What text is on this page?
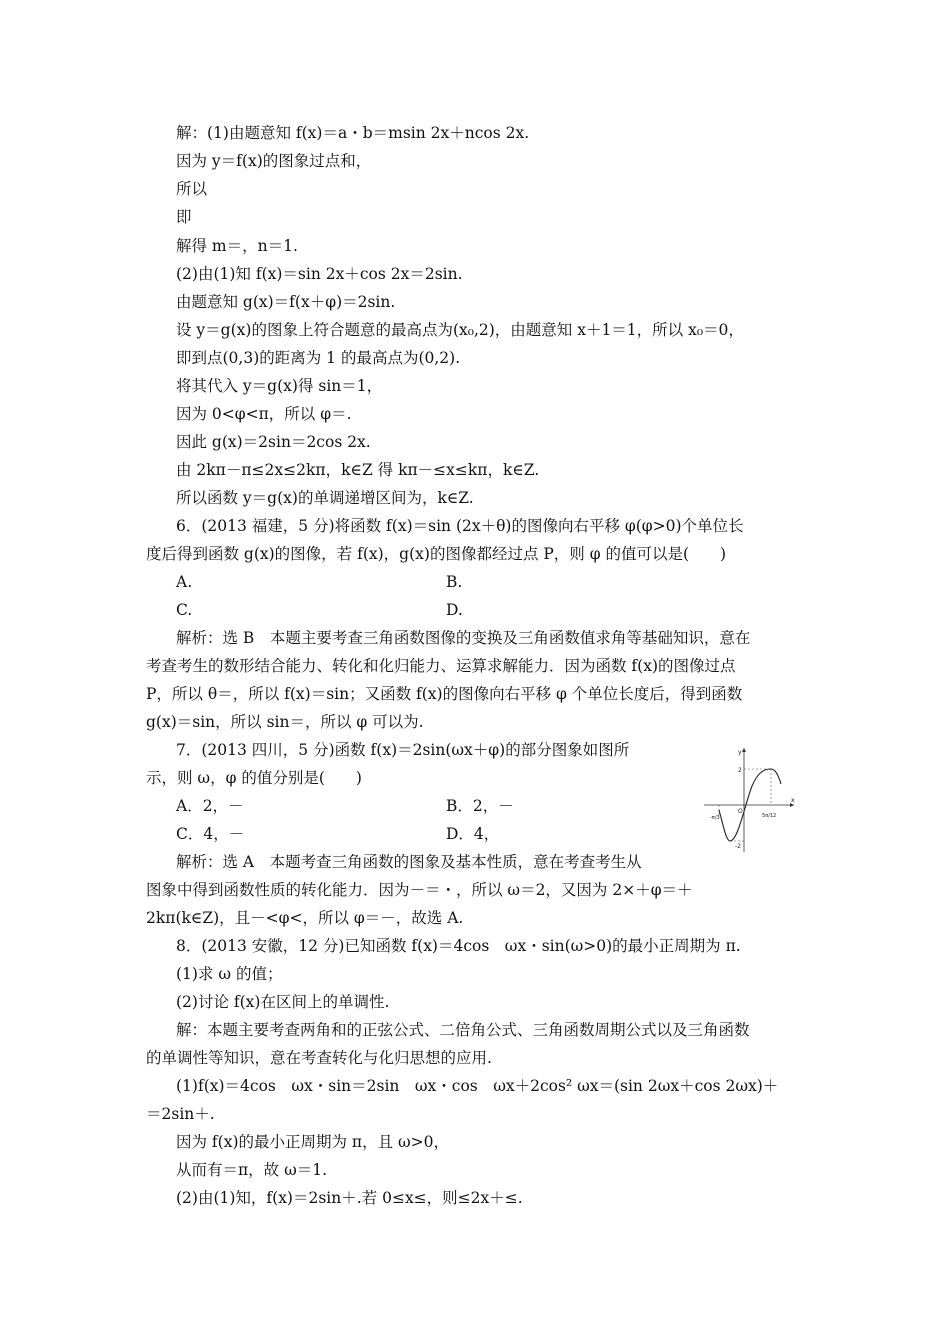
解：(1)由题意知 f(x)＝a・b＝msin 2x＋ncos 2x.
因为 y＝f(x)的图象过点和，
所以
即
解得 m＝，n＝1.
(2)由(1)知 f(x)＝sin 2x＋cos 2x＝2sin.
由题意知 g(x)＝f(x＋φ)＝2sin.
设 y＝g(x)的图象上符合题意的最高点为(x₀,2)，由题意知 x＋1＝1，所以 x₀＝0，
即到点(0,3)的距离为 1 的最高点为(0,2).
将其代入 y＝g(x)得 sin＝1，
因为 0<φ<π，所以 φ＝.
因此 g(x)＝2sin＝2cos 2x.
由 2kπ－π≤2x≤2kπ，k∈Z 得 kπ－≤x≤kπ，k∈Z.
所以函数 y＝g(x)的单调递增区间为，k∈Z.
6．(2013 福建，5 分)将函数 f(x)＝sin (2x＋θ)的图像向右平移 φ(φ>0)个单位长
度后得到函数 g(x)的图像，若 f(x)，g(x)的图像都经过点 P，则 φ 的值可以是(　　)
A.	B.
C.	D.
解析：选 B　本题主要考查三角函数图像的变换及三角函数值求角等基础知识，意在
考查考生的数形结合能力、转化和化归能力、运算求解能力．因为函数 f(x)的图像过点
P，所以 θ＝，所以 f(x)＝sin；又函数 f(x)的图像向右平移 φ 个单位长度后，得到函数
g(x)＝sin，所以 sin＝，所以 φ 可以为.
7．(2013 四川，5 分)函数 f(x)＝2sin(ωx＋φ)的部分图象如图所
示，则 ω，φ 的值分别是(　　)
A．2，－	B．2，－
C．4，－	D．4，
解析：选 A　本题考查三角函数的图象及基本性质，意在考查考生从
图象中得到函数性质的转化能力．因为－＝・，所以 ω＝2，又因为 2×＋φ＝＋
2kπ(k∈Z)，且－<φ<，所以 φ＝－，故选 A.
y
x
O
2
-2
-π/3	5π/12
8．(2013 安徽，12 分)已知函数 f(x)＝4cos　ωx・sin(ω>0)的最小正周期为 π.
(1)求 ω 的值；
(2)讨论 f(x)在区间上的单调性.
解：本题主要考查两角和的正弦公式、二倍角公式、三角函数周期公式以及三角函数
的单调性等知识，意在考查转化与化归思想的应用.
(1)f(x)＝4cos　ωx・sin＝2sin　ωx・cos　ωx＋2cos² ωx＝(sin 2ωx＋cos 2ωx)＋
＝2sin＋.
因为 f(x)的最小正周期为 π，且 ω>0，
从而有＝π，故 ω＝1.
(2)由(1)知，f(x)＝2sin＋.若 0≤x≤，则≤2x＋≤.
